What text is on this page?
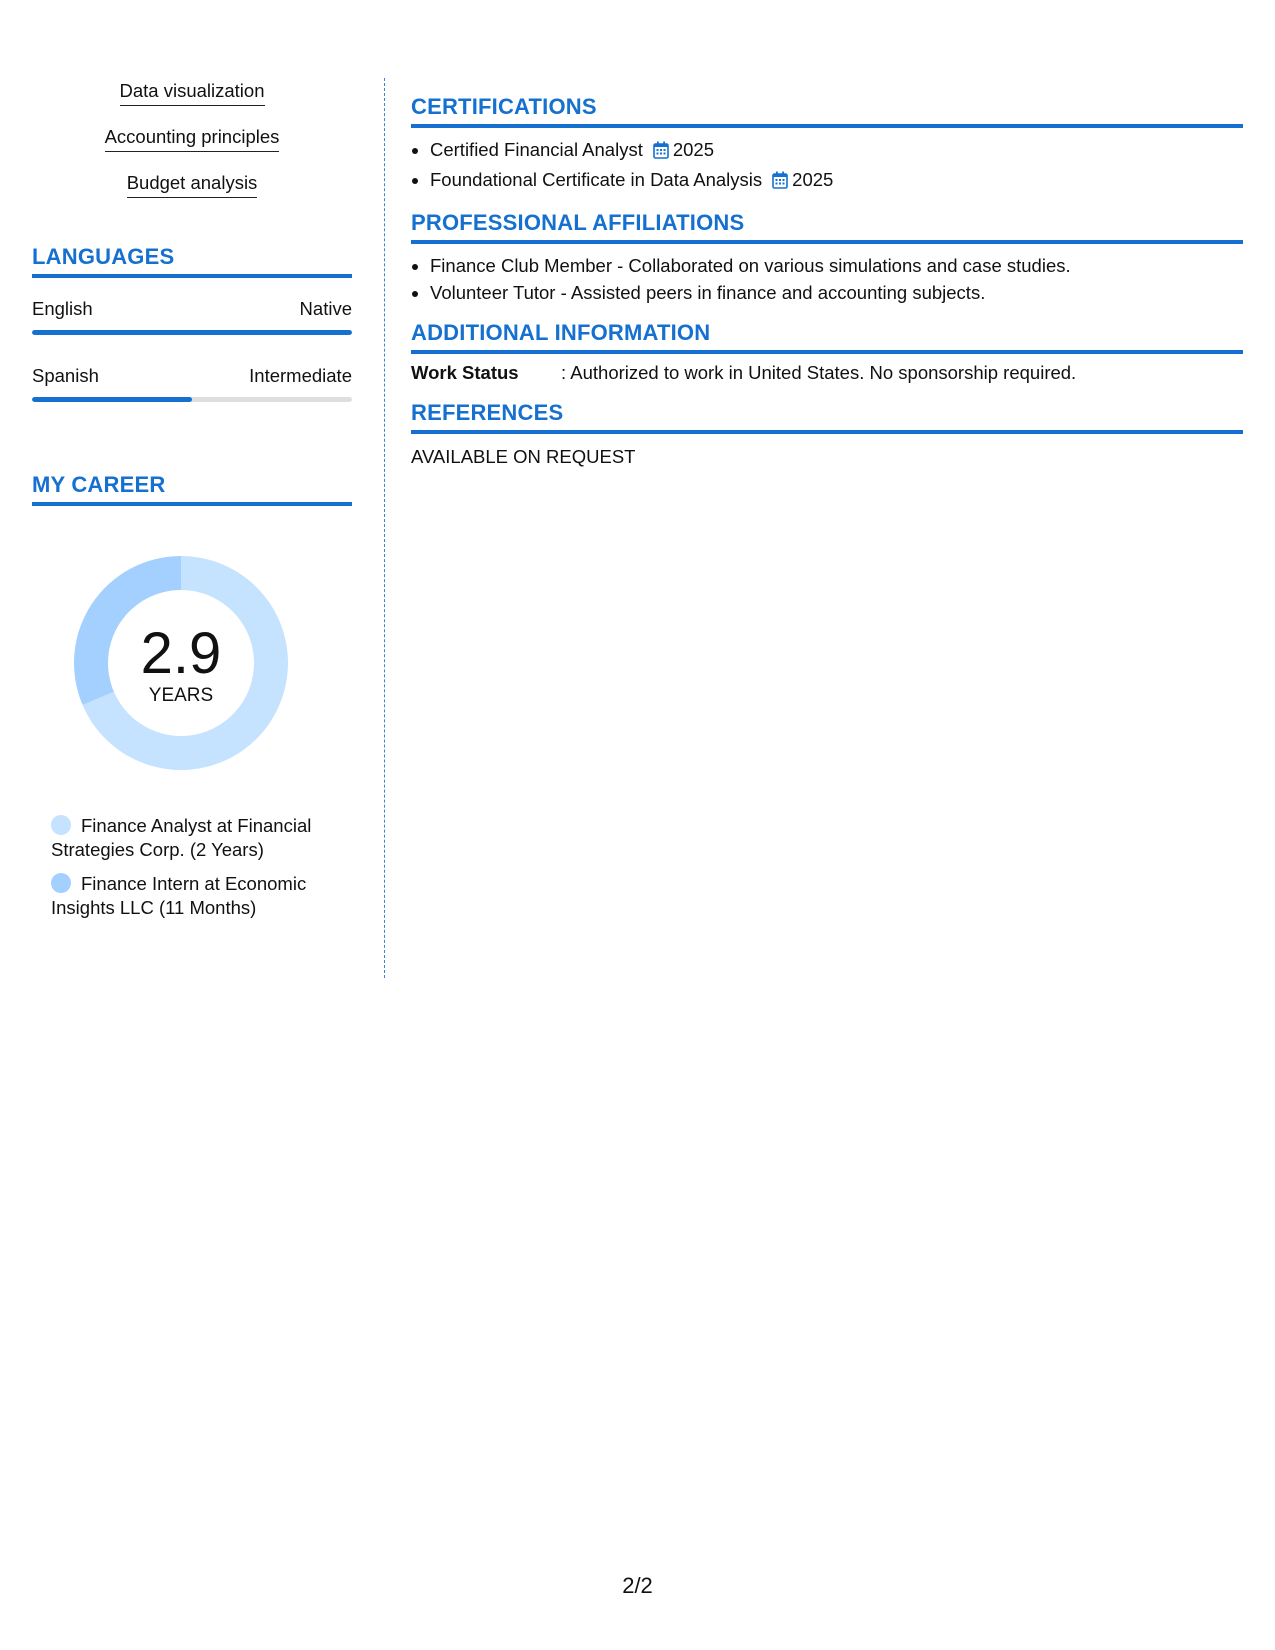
Data visualization
Accounting principles
Budget analysis
LANGUAGES
English	Native
Spanish	Intermediate
MY CAREER
2.9
YEARS
Finance Analyst at Financial Strategies Corp. (2 Years)
Finance Intern at Economic Insights LLC (11 Months)
CERTIFICATIONS
• Certified Financial Analyst 2025
• Foundational Certificate in Data Analysis 2025
PROFESSIONAL AFFILIATIONS
• Finance Club Member - Collaborated on various simulations and case studies.
• Volunteer Tutor - Assisted peers in finance and accounting subjects.
ADDITIONAL INFORMATION
Work Status	: Authorized to work in United States. No sponsorship required.
REFERENCES
AVAILABLE ON REQUEST
2/2
